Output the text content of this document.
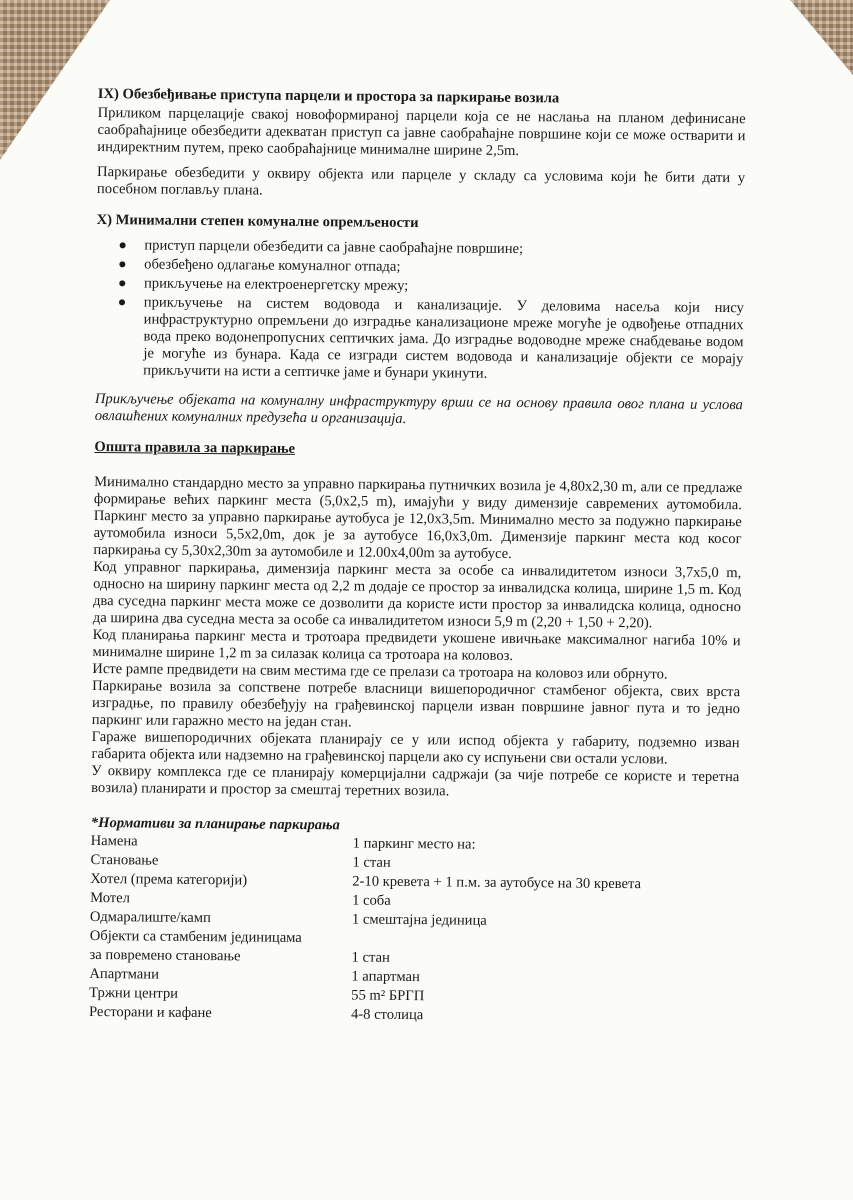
IX) Обезбеђивање приступа парцели и простора за паркирање возила

Приликом парцелације свакој новоформираној парцели која се не наслања на планом дефинисане саобраћајнице обезбедити адекватан приступ са јавне саобраћајне површине који се може остварити и индиректним путем, преко саобраћајнице минималне ширине 2,5m.

Паркирање обезбедити у оквиру објекта или парцеле у складу са условима који ће бити дати у посебном поглављу плана.

X) Минимални степен комуналне опремљености
● приступ парцели обезбедити са јавне саобраћајне површине;
● обезбеђено одлагање комуналног отпада;
● прикључење на електроенергетску мрежу;
● прикључење на систем водовода и канализације. У деловима насеља који нису инфраструктурно опремљени до изградње канализационе мреже могуће је одвођење отпадних вода преко водонепропусних септичких јама. До изградње водоводне мреже снабдевање водом је могуће из бунара. Када се изгради систем водовода и канализације објекти се морају прикључити на исти а септичке јаме и бунари укинути.

Прикључење објеката на комуналну инфраструктуру врши се на основу правила овог плана и услова овлашћених комуналних предузећа и организација.

Општа правила за паркирање

Минимално стандардно место за управно паркирања путничких возила је 4,80x2,30 m, али се предлаже формирање већих паркинг места (5,0x2,5 m), имајући у виду димензије савремених аутомобила. Паркинг место за управно паркирање аутобуса је 12,0x3,5m. Минимално место за подужно паркирање аутомобила износи 5,5x2,0m, док је за аутобусе 16,0x3,0m. Димензије паркинг места код косог паркирања су 5,30x2,30m за аутомобиле и 12.00x4,00m за аутобусе.

Код управног паркирања, димензија паркинг места за особе са инвалидитетом износи 3,7x5,0 m, односно на ширину паркинг места од 2,2 m додаје се простор за инвалидска колица, ширине 1,5 m. Код два суседна паркинг места може се дозволити да користе исти простор за инвалидска колица, односно да ширина два суседна места за особе са инвалидитетом износи 5,9 m (2,20 + 1,50 + 2,20).

Код планирања паркинг места и тротоара предвидети укошене ивичњаке максималног нагиба 10% и минималне ширине 1,2 m за силазак колица са тротоара на коловоз.

Исте рампе предвидети на свим местима где се прелази са тротоара на коловоз или обрнуто.

Паркирање возила за сопствене потребе власници вишепородичног стамбеног објекта, свих врста изградње, по правилу обезбеђују на грађевинској парцели изван површине јавног пута и то једно паркинг или гаражно место на један стан.

Гараже вишепородичних објеката планирају се у или испод објекта у габариту, подземно изван габарита објекта или надземно на грађевинској парцели ако су испуњени сви остали услови.

У оквиру комплекса где се планирају комерцијални садржаји (за чије потребе се користе и теретна возила) планирати и простор за смештај теретних возила.

*Нормативи за планирање паркирања
Намена	1 паркинг место на:
Становање	1 стан
Хотел (према категорији)	2-10 кревета + 1 п.м. за аутобусе на 30 кревета
Мотел	1 соба
Одмаралиште/камп	1 смештајна јединица
Објекти са стамбеним јединицама	
за повремено становање	1 стан
Апартмани	1 апартман
Тржни центри	55 m² БРГП
Ресторани и кафане	4-8 столица
